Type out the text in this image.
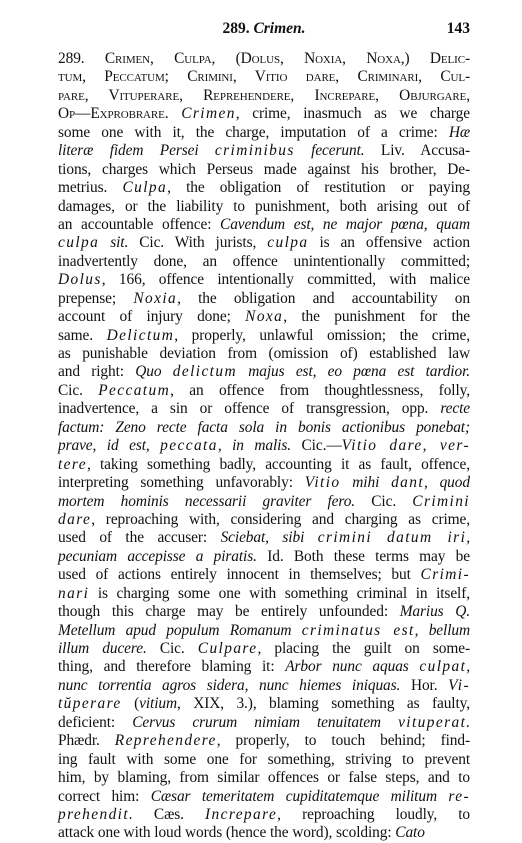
289. Crimen.	143
289. Crimen, Culpa, (Dolus, Noxia, Noxa,) Delic-
tum, Peccatum; Crimini, Vitio dare, Criminari, Cul-
pare, Vituperare, Reprehendere, Increpare, Objurgare,
Op—Exprobrare. Crimen, crime, inasmuch as we charge
some one with it, the charge, imputation of a crime: Hæ
literæ fidem Persei criminibus fecerunt. Liv. Accusa-
tions, charges which Perseus made against his brother, De-
metrius. Culpa, the obligation of restitution or paying
damages, or the liability to punishment, both arising out of
an accountable offence: Cavendum est, ne major pœna, quam
culpa sit. Cic. With jurists, culpa is an offensive action
inadvertently done, an offence unintentionally committed;
Dolus, 166, offence intentionally committed, with malice
prepense; Noxia, the obligation and accountability on
account of injury done; Noxa, the punishment for the
same. Delictum, properly, unlawful omission; the crime,
as punishable deviation from (omission of) established law
and right: Quo delictum majus est, eo pœna est tardior.
Cic. Peccatum, an offence from thoughtlessness, folly,
inadvertence, a sin or offence of transgression, opp. recte
factum: Zeno recte facta sola in bonis actionibus ponebat;
prave, id est, peccata, in malis. Cic.—Vitio dare, ver-
tere, taking something badly, accounting it as fault, offence,
interpreting something unfavorably: Vitio mihi dant, quod
mortem hominis necessarii graviter fero. Cic. Crimini
dare, reproaching with, considering and charging as crime,
used of the accuser: Sciebat, sibi crimini datum iri,
pecuniam accepisse a piratis. Id. Both these terms may be
used of actions entirely innocent in themselves; but Crimi-
nari is charging some one with something criminal in itself,
though this charge may be entirely unfounded: Marius Q.
Metellum apud populum Romanum criminatus est, bellum
illum ducere. Cic. Culpare, placing the guilt on some-
thing, and therefore blaming it: Arbor nunc aquas culpat,
nunc torrentia agros sidera, nunc hiemes iniquas. Hor. Vi-
tŭperare (vitium, XIX, 3.), blaming something as faulty,
deficient: Cervus crurum nimiam tenuitatem vituperat.
Phædr. Reprehendere, properly, to touch behind; find-
ing fault with some one for something, striving to prevent
him, by blaming, from similar offences or false steps, and to
correct him: Cæsar temeritatem cupiditatemque militum re-
prehendit. Cæs. Increpare, reproaching loudly, to
attack one with loud words (hence the word), scolding: Cato
